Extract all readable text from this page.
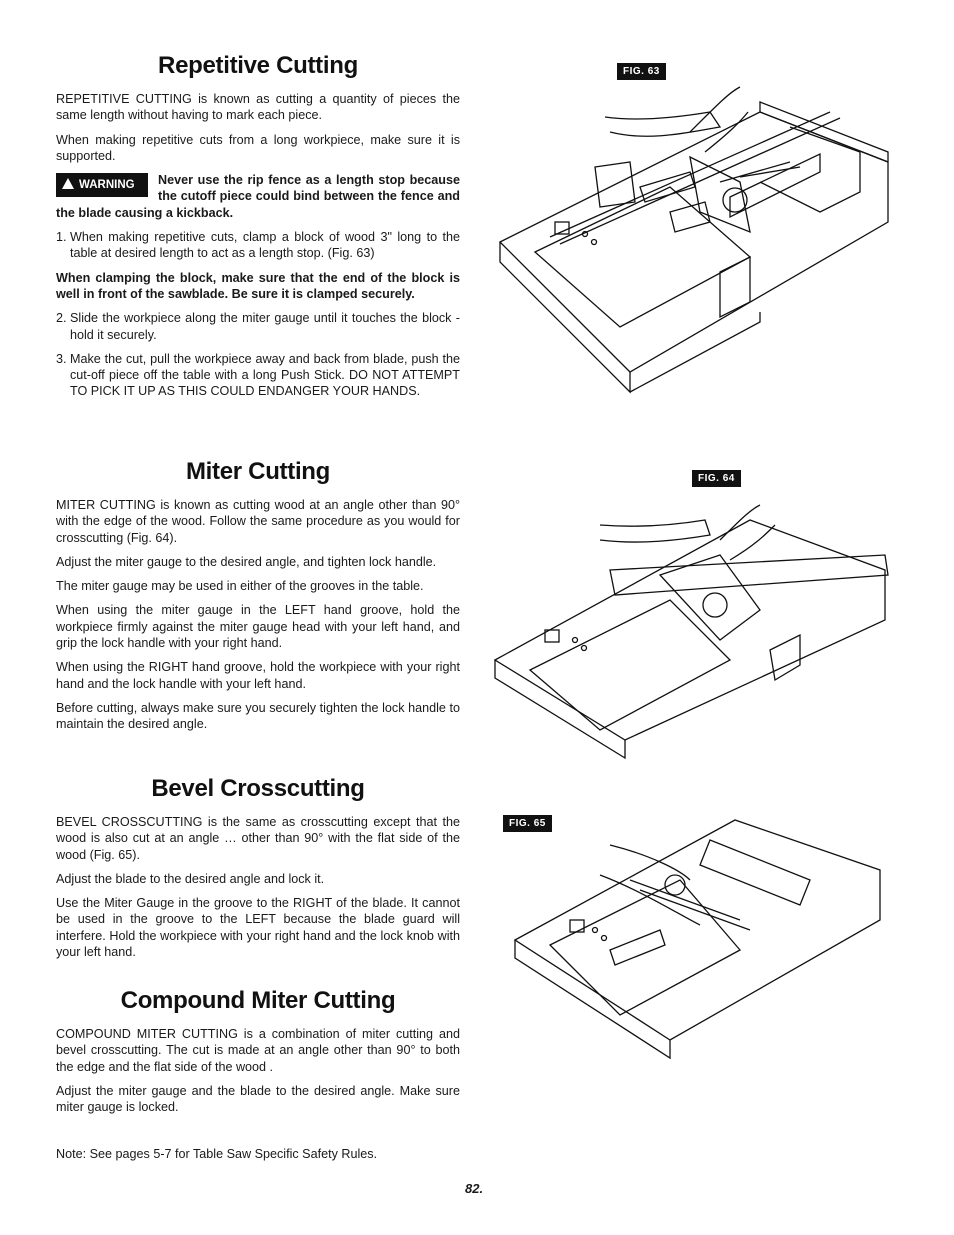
Repetitive Cutting

REPETITIVE CUTTING is known as cutting a quantity of pieces the same length without having to mark each piece.

When making repetitive cuts from a long workpiece, make sure it is supported.

WARNING	Never use the rip fence as a length stop because the cutoff piece could bind between the fence and the blade causing a kickback.

1. When making repetitive cuts, clamp a block of wood 3" long to the table at desired length to act as a length stop. (Fig. 63)

When clamping the block, make sure that the end of the block is well in front of the sawblade. Be sure it is clamped securely.

2. Slide the workpiece along the miter gauge until it touches the block - hold it securely.
3. Make the cut, pull the workpiece away and back from blade, push the cut-off piece off the table with a long Push Stick. DO NOT ATTEMPT TO PICK IT UP AS THIS COULD ENDANGER YOUR HANDS.
Miter Cutting

MITER CUTTING is known as cutting wood at an angle other than 90° with the edge of the wood. Follow the same procedure as you would for crosscutting (Fig. 64).

Adjust the miter gauge to the desired angle, and tighten lock handle.

The miter gauge may be used in either of the grooves in the table.

When using the miter gauge in the LEFT hand groove, hold the workpiece firmly against the miter gauge head with your left hand, and grip the lock handle with your right hand.

When using the RIGHT hand groove, hold the workpiece with your right hand and the lock handle with your left hand.

Before cutting, always make sure you securely tighten the lock handle to maintain the desired angle.

Bevel Crosscutting

BEVEL CROSSCUTTING is the same as crosscutting except that the wood is also cut at an angle … other than 90° with the flat side of the wood (Fig. 65).

Adjust the blade to the desired angle and lock it.

Use the Miter Gauge in the groove to the RIGHT of the blade. It cannot be used in the groove to the LEFT because the blade guard will interfere. Hold the workpiece with your right hand and the lock knob with your left hand.

Compound Miter Cutting

COMPOUND MITER CUTTING is a combination of miter cutting and bevel crosscutting. The cut is made at an angle other than 90° to both the edge and the flat side of the wood .

Adjust the miter gauge and the blade to the desired angle. Make sure miter gauge is locked.

Note: See pages 5-7 for Table Saw Specific Safety Rules.
82.
FIG. 63
FIG. 64
FIG. 65
